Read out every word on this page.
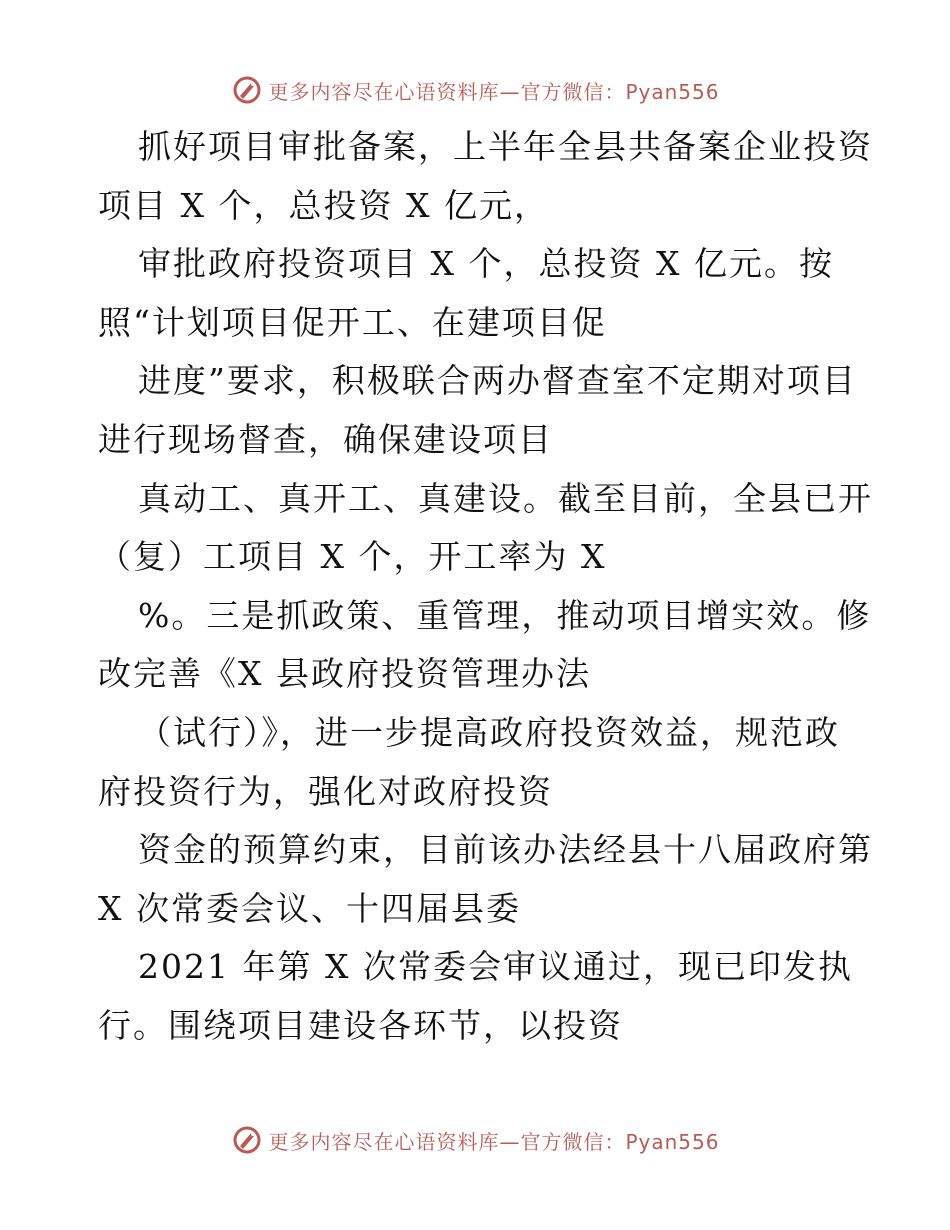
更多内容尽在心语资料库—官方微信：Pyan556
抓好项目审批备案，上半年全县共备案企业投资
项目 X 个，总投资 X 亿元，
审批政府投资项目 X 个，总投资 X 亿元。按
照“计划项目促开工、在建项目促
进度”要求，积极联合两办督查室不定期对项目
进行现场督查，确保建设项目
真动工、真开工、真建设。截至目前，全县已开
（复）工项目 X 个，开工率为 X
%。三是抓政策、重管理，推动项目增实效。修
改完善《X 县政府投资管理办法
（试行）》，进一步提高政府投资效益，规范政
府投资行为，强化对政府投资
资金的预算约束，目前该办法经县十八届政府第
X 次常委会议、十四届县委
2021 年第 X 次常委会审议通过，现已印发执
行。围绕项目建设各环节，以投资
更多内容尽在心语资料库—官方微信：Pyan556
